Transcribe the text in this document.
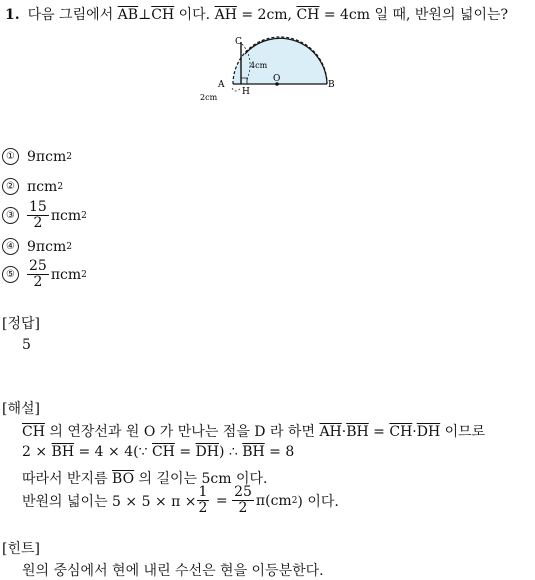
1. 다음 그림에서 $\overline{AB}\perp\overline{CH}$ 이다. $\overline{AH} = 2cm$, $\overline{CH} = 4cm$ 일 때, 반원의 넓이는?
C
A
H
O
B
4cm
2cm
① 9πcm 2
② πcm 2
③ $\frac{15}{2}$ πcm 2
④ 9πcm 2
⑤ $\frac{25}{2}$ πcm 2
[정답]
5
[해설]
$\overline{CH}$ 의 연장선과 원 O 가 만나는 점을 D 라 하면 $\overline{AH}\cdot\overline{BH} = \overline{CH}\cdot\overline{DH}$ 이므로
$2 \times \overline{BH} = 4$ × 4(∵ $\overline{CH} = \overline{DH}$) ∴ $\overline{BH} = 8$
따라서 반지름 $\overline{BO}$ 의 길이는 5cm 이다.
반원의 넓이는 $5 \times 5 \times \pi \times \frac{1}{2} = \frac{25}{2} \pi(cm$ 2 ) 이다.
[힌트]
원의 중심에서 현에 내린 수선은 현을 이등분한다.
